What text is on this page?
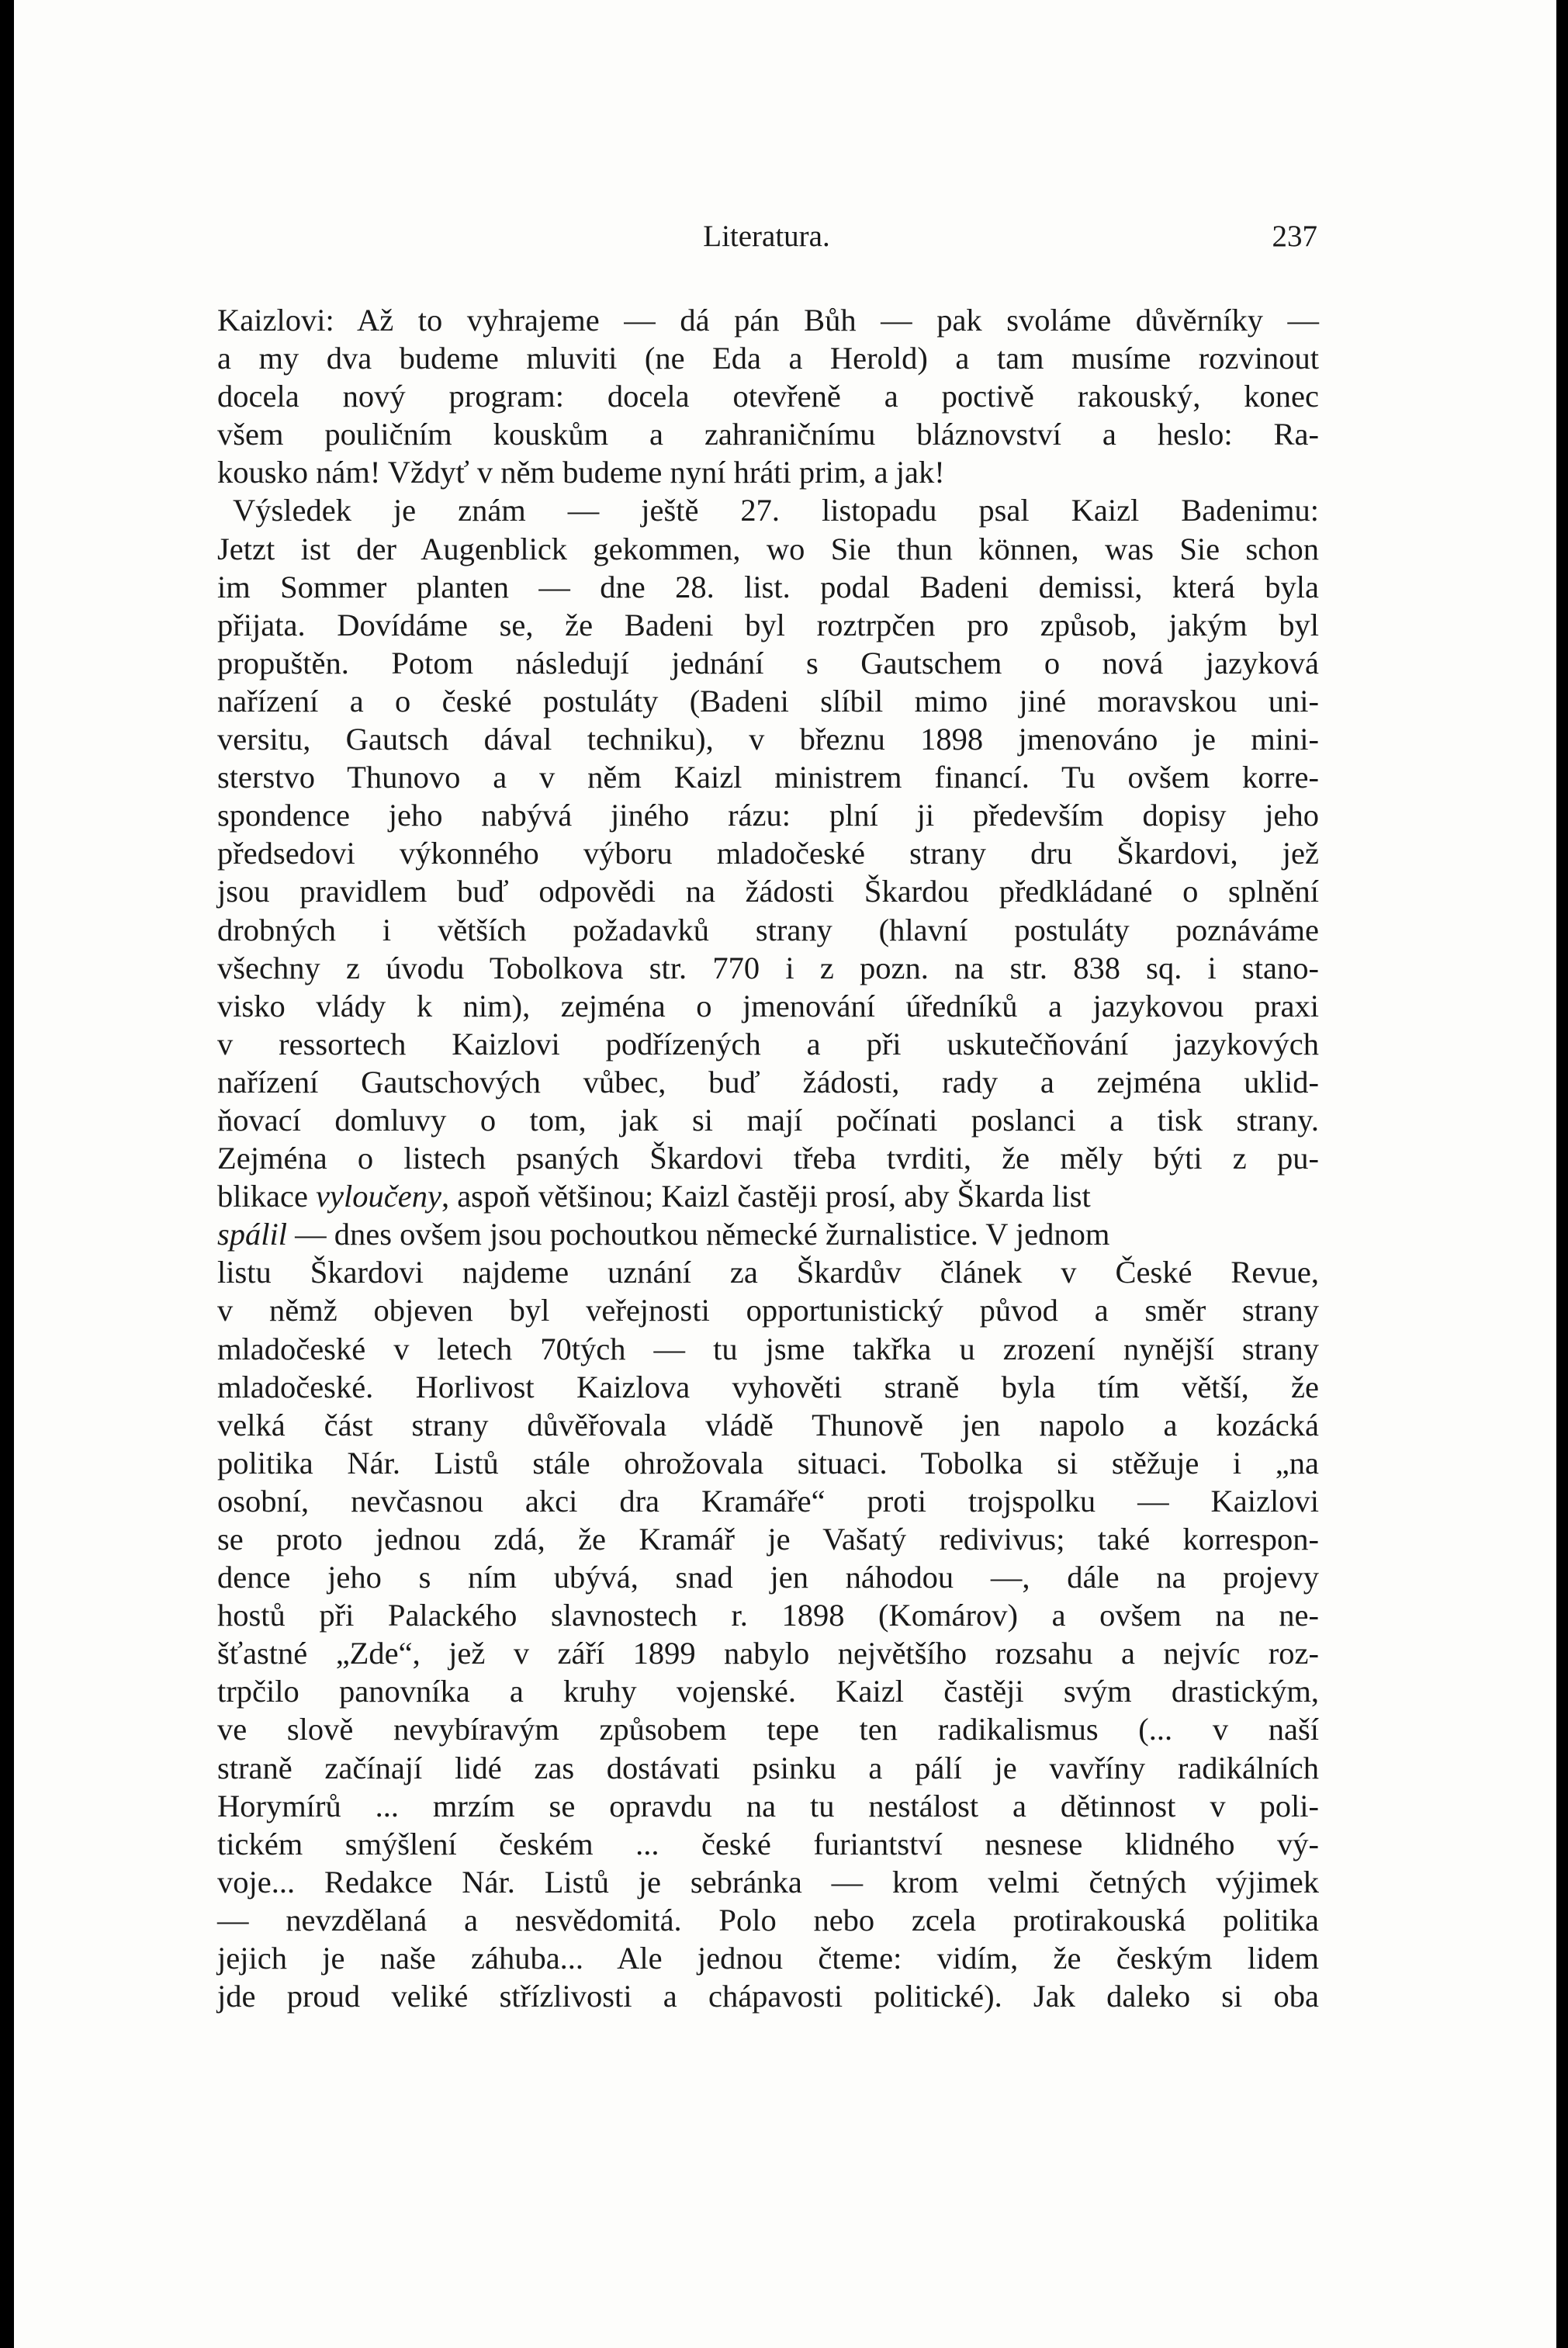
Literatura.	237
Kaizlovi: Až to vyhrajeme — dá pán Bůh — pak svoláme důvěrníky —
a my dva budeme mluviti (ne Eda a Herold) a tam musíme rozvinout
docela nový program: docela otevřeně a poctivě rakouský, konec
všem pouličním kouskům a zahraničnímu bláznovství a heslo: Ra-
kousko nám! Vždyť v něm budeme nyní hráti prim, a jak!
Výsledek je znám — ještě 27. listopadu psal Kaizl Badenimu:
Jetzt ist der Augenblick gekommen, wo Sie thun können, was Sie schon
im Sommer planten — dne 28. list. podal Badeni demissi, která byla
přijata. Dovídáme se, že Badeni byl roztrpčen pro způsob, jakým byl
propuštěn. Potom následují jednání s Gautschem o nová jazyková
nařízení a o české postuláty (Badeni slíbil mimo jiné moravskou uni-
versitu, Gautsch dával techniku), v březnu 1898 jmenováno je mini-
sterstvo Thunovo a v něm Kaizl ministrem financí. Tu ovšem korre-
spondence jeho nabývá jiného rázu: plní ji především dopisy jeho
předsedovi výkonného výboru mladočeské strany dru Škardovi, jež
jsou pravidlem buď odpovědi na žádosti Škardou předkládané o splnění
drobných i větších požadavků strany (hlavní postuláty poznáváme
všechny z úvodu Tobolkova str. 770 i z pozn. na str. 838 sq. i stano-
visko vlády k nim), zejména o jmenování úředníků a jazykovou praxi
v ressortech Kaizlovi podřízených a při uskutečňování jazykových
nařízení Gautschových vůbec, buď žádosti, rady a zejména uklid-
ňovací domluvy o tom, jak si mají počínati poslanci a tisk strany.
Zejména o listech psaných Škardovi třeba tvrditi, že měly býti z pu-
blikace vyloučeny, aspoň většinou; Kaizl častěji prosí, aby Škarda list
spálil — dnes ovšem jsou pochoutkou německé žurnalistice. V jednom
listu Škardovi najdeme uznání za Škardův článek v České Revue,
v němž objeven byl veřejnosti opportunistický původ a směr strany
mladočeské v letech 70tých — tu jsme takřka u zrození nynější strany
mladočeské. Horlivost Kaizlova vyhověti straně byla tím větší, že
velká část strany důvěřovala vládě Thunově jen napolo a kozácká
politika Nár. Listů stále ohrožovala situaci. Tobolka si stěžuje i „na
osobní, nevčasnou akci dra Kramáře“ proti trojspolku — Kaizlovi
se proto jednou zdá, že Kramář je Vašatý redivivus; také korrespon-
dence jeho s ním ubývá, snad jen náhodou —, dále na projevy
hostů při Palackého slavnostech r. 1898 (Komárov) a ovšem na ne-
šťastné „Zde“, jež v září 1899 nabylo největšího rozsahu a nejvíc roz-
trpčilo panovníka a kruhy vojenské. Kaizl častěji svým drastickým,
ve slově nevybíravým způsobem tepe ten radikalismus (... v naší
straně začínají lidé zas dostávati psinku a pálí je vavříny radikálních
Horymírů ... mrzím se opravdu na tu nestálost a dětinnost v poli-
tickém smýšlení českém ... české furiantství nesnese klidného vý-
voje... Redakce Nár. Listů je sebránka — krom velmi četných výjimek
— nevzdělaná a nesvědomitá. Polo nebo zcela protirakouská politika
jejich je naše záhuba... Ale jednou čteme: vidím, že českým lidem
jde proud veliké střízlivosti a chápavosti politické). Jak daleko si oba
